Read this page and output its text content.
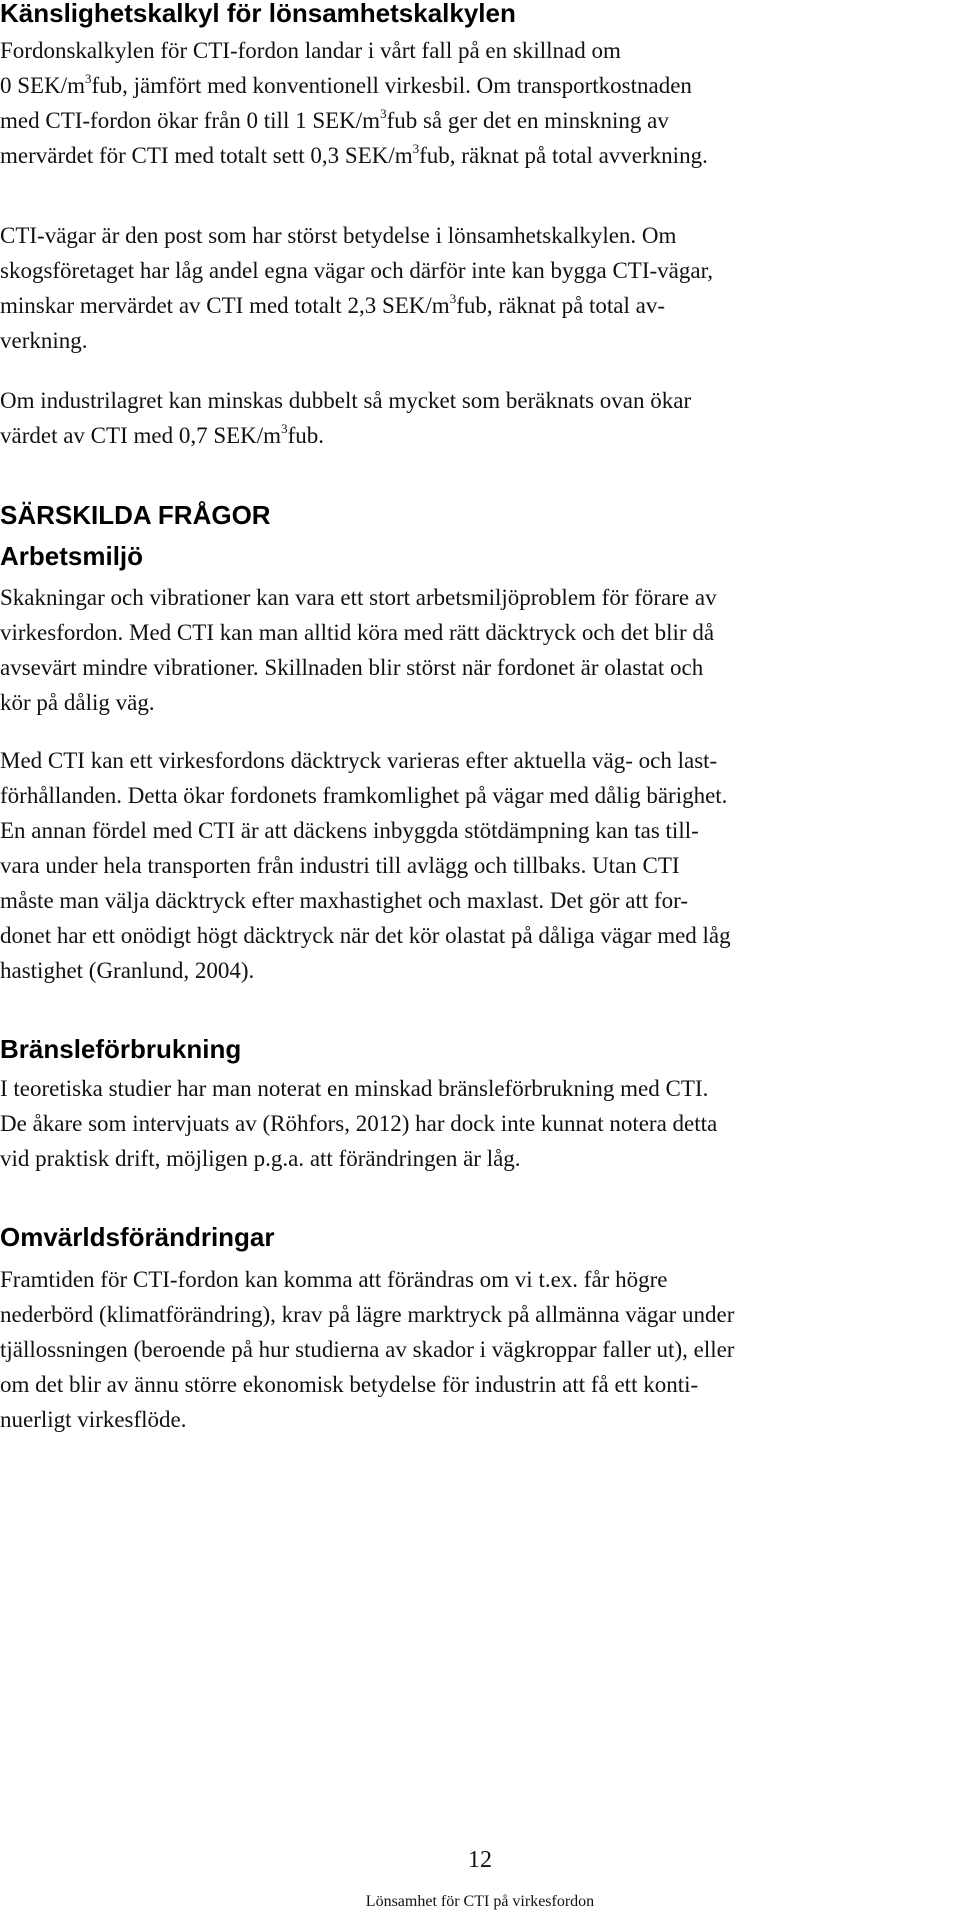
Känslighetskalkyl för lönsamhetskalkylen
Fordonskalkylen för CTI-fordon landar i vårt fall på en skillnad om
0 SEK/$m^3fub$, jämfört med konventionell virkesbil. Om transportkostnaden
med CTI-fordon ökar från 0 till 1 SEK/$m^3fub$ så ger det en minskning av
mervärdet för CTI med totalt sett 0,3 SEK/$m^3fub$, räknat på total avverkning.
CTI-vägar är den post som har störst betydelse i lönsamhetskalkylen. Om
skogsföretaget har låg andel egna vägar och därför inte kan bygga CTI-vägar,
minskar mervärdet av CTI med totalt 2,3 SEK/$m^3fub$, räknat på total av-
verkning.
Om industrilagret kan minskas dubbelt så mycket som beräknats ovan ökar
värdet av CTI med 0,7 SEK/$m^3fub$.
SÄRSKILDA FRÅGOR
Arbetsmiljö
Skakningar och vibrationer kan vara ett stort arbetsmiljöproblem för förare av
virkesfordon. Med CTI kan man alltid köra med rätt däcktryck och det blir då
avsevärt mindre vibrationer. Skillnaden blir störst när fordonet är olastat och
kör på dålig väg.
Med CTI kan ett virkesfordons däcktryck varieras efter aktuella väg- och last-
förhållanden. Detta ökar fordonets framkomlighet på vägar med dålig bärighet.
En annan fördel med CTI är att däckens inbyggda stötdämpning kan tas till-
vara under hela transporten från industri till avlägg och tillbaks. Utan CTI
måste man välja däcktryck efter maxhastighet och maxlast. Det gör att for-
donet har ett onödigt högt däcktryck när det kör olastat på dåliga vägar med låg
hastighet (Granlund, 2004).
Bränsleförbrukning
I teoretiska studier har man noterat en minskad bränsleförbrukning med CTI.
De åkare som intervjuats av (Röhfors, 2012) har dock inte kunnat notera detta
vid praktisk drift, möjligen p.g.a. att förändringen är låg.
Omvärldsförändringar
Framtiden för CTI-fordon kan komma att förändras om vi t.ex. får högre
nederbörd (klimatförändring), krav på lägre marktryck på allmänna vägar under
tjällossningen (beroende på hur studierna av skador i vägkroppar faller ut), eller
om det blir av ännu större ekonomisk betydelse för industrin att få ett konti-
nuerligt virkesflöde.
12
Lönsamhet för CTI på virkesfordon
